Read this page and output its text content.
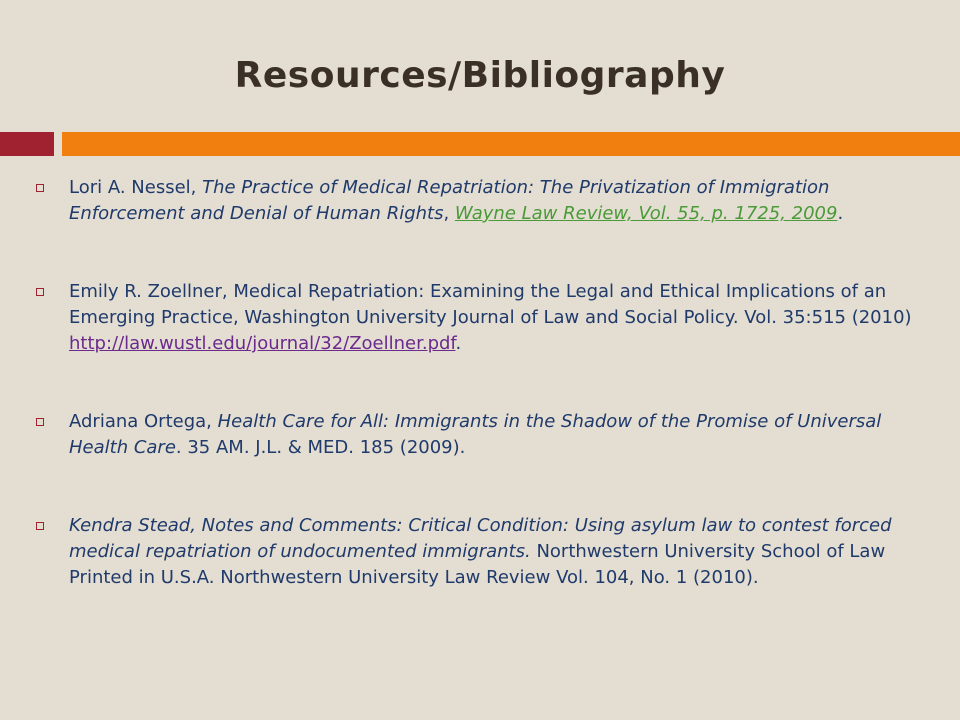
Resources/Bibliography
Lori A. Nessel, The Practice of Medical Repatriation: The Privatization of Immigration Enforcement and Denial of Human Rights, Wayne Law Review, Vol. 55, p. 1725, 2009.
Emily R. Zoellner, Medical Repatriation: Examining the Legal and Ethical Implications of an Emerging Practice, Washington University Journal of Law and Social Policy. Vol. 35:515 (2010) http://law.wustl.edu/journal/32/Zoellner.pdf.
Adriana Ortega, Health Care for All: Immigrants in the Shadow of the Promise of Universal Health Care. 35 AM. J.L. & MED. 185 (2009).
Kendra Stead, Notes and Comments: Critical Condition: Using asylum law to contest forced medical repatriation of undocumented immigrants. Northwestern University School of Law Printed in U.S.A. Northwestern University Law Review Vol. 104, No. 1 (2010).
